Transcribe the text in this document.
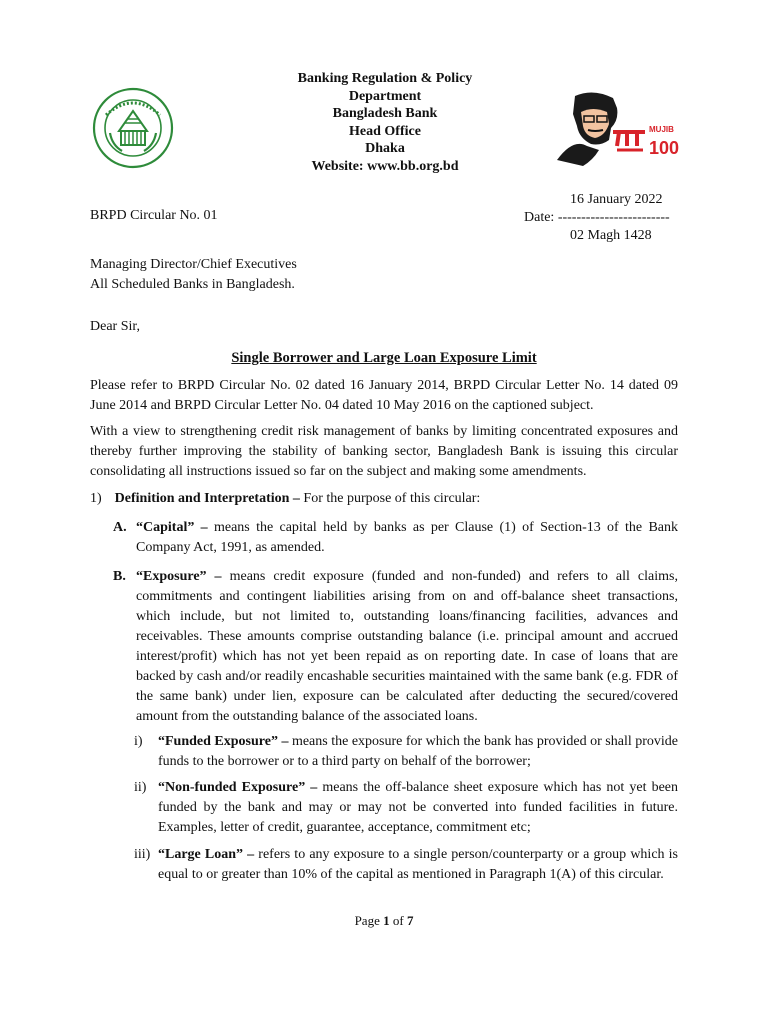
Banking Regulation & Policy
Department
Bangladesh Bank
Head Office
Dhaka
Website: www.bb.org.bd
MUJIB
100
BRPD Circular No. 01
16 January 2022
Date: ------------------------
02 Magh 1428
Managing Director/Chief Executives
All Scheduled Banks in Bangladesh.
Dear Sir,
Single Borrower and Large Loan Exposure Limit
Please refer to BRPD Circular No. 02 dated 16 January 2014, BRPD Circular Letter No. 14 dated 09 June 2014 and BRPD Circular Letter No. 04 dated 10 May 2016 on the captioned subject.
With a view to strengthening credit risk management of banks by limiting concentrated exposures and thereby further improving the stability of banking sector, Bangladesh Bank is issuing this circular consolidating all instructions issued so far on the subject and making some amendments.
1) Definition and Interpretation – For the purpose of this circular:
A. “Capital” – means the capital held by banks as per Clause (1) of Section-13 of the Bank Company Act, 1991, as amended.
B. “Exposure” – means credit exposure (funded and non-funded) and refers to all claims, commitments and contingent liabilities arising from on and off-balance sheet transactions, which include, but not limited to, outstanding loans/financing facilities, advances and receivables. These amounts comprise outstanding balance (i.e. principal amount and accrued interest/profit) which has not yet been repaid as on reporting date. In case of loans that are backed by cash and/or readily encashable securities maintained with the same bank (e.g. FDR of the same bank) under lien, exposure can be calculated after deducting the secured/covered amount from the outstanding balance of the associated loans.
i) “Funded Exposure” – means the exposure for which the bank has provided or shall provide funds to the borrower or to a third party on behalf of the borrower;
ii) “Non-funded Exposure” – means the off-balance sheet exposure which has not yet been funded by the bank and may or may not be converted into funded facilities in future. Examples, letter of credit, guarantee, acceptance, commitment etc;
iii) “Large Loan” – refers to any exposure to a single person/counterparty or a group which is equal to or greater than 10% of the capital as mentioned in Paragraph 1(A) of this circular.
Page 1 of 7
